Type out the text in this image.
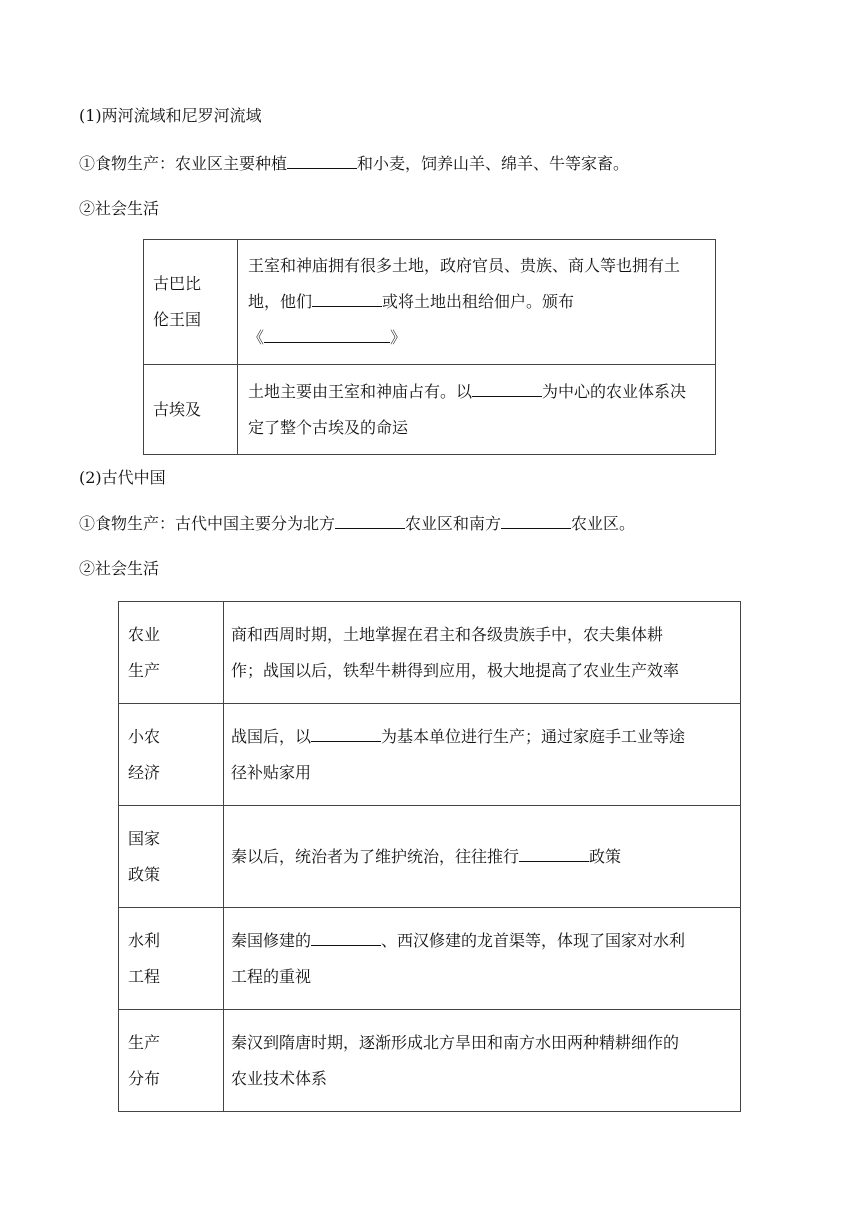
(1)两河流域和尼罗河流域
①食物生产：农业区主要种植	和小麦，饲养山羊、绵羊、牛等家畜。
②社会生活
古巴比
伦王国	王室和神庙拥有很多土地，政府官员、贵族、商人等也拥有土
地，他们 或将土地出租给佃户。颁布
《 》
古埃及	土地主要由王室和神庙占有。以 为中心的农业体系决
定了整个古埃及的命运
(2)古代中国
①食物生产：古代中国主要分为北方	农业区和南方	农业区。
②社会生活
农业
生产	商和西周时期，土地掌握在君主和各级贵族手中，农夫集体耕
作；战国以后，铁犁牛耕得到应用，极大地提高了农业生产效率
小农
经济	战国后，以 为基本单位进行生产；通过家庭手工业等途
径补贴家用
国家
政策	秦以后，统治者为了维护统治，往往推行 政策
水利
工程	秦国修建的 、西汉修建的龙首渠等，体现了国家对水利
工程的重视
生产
分布	秦汉到隋唐时期，逐渐形成北方旱田和南方水田两种精耕细作的
农业技术体系
